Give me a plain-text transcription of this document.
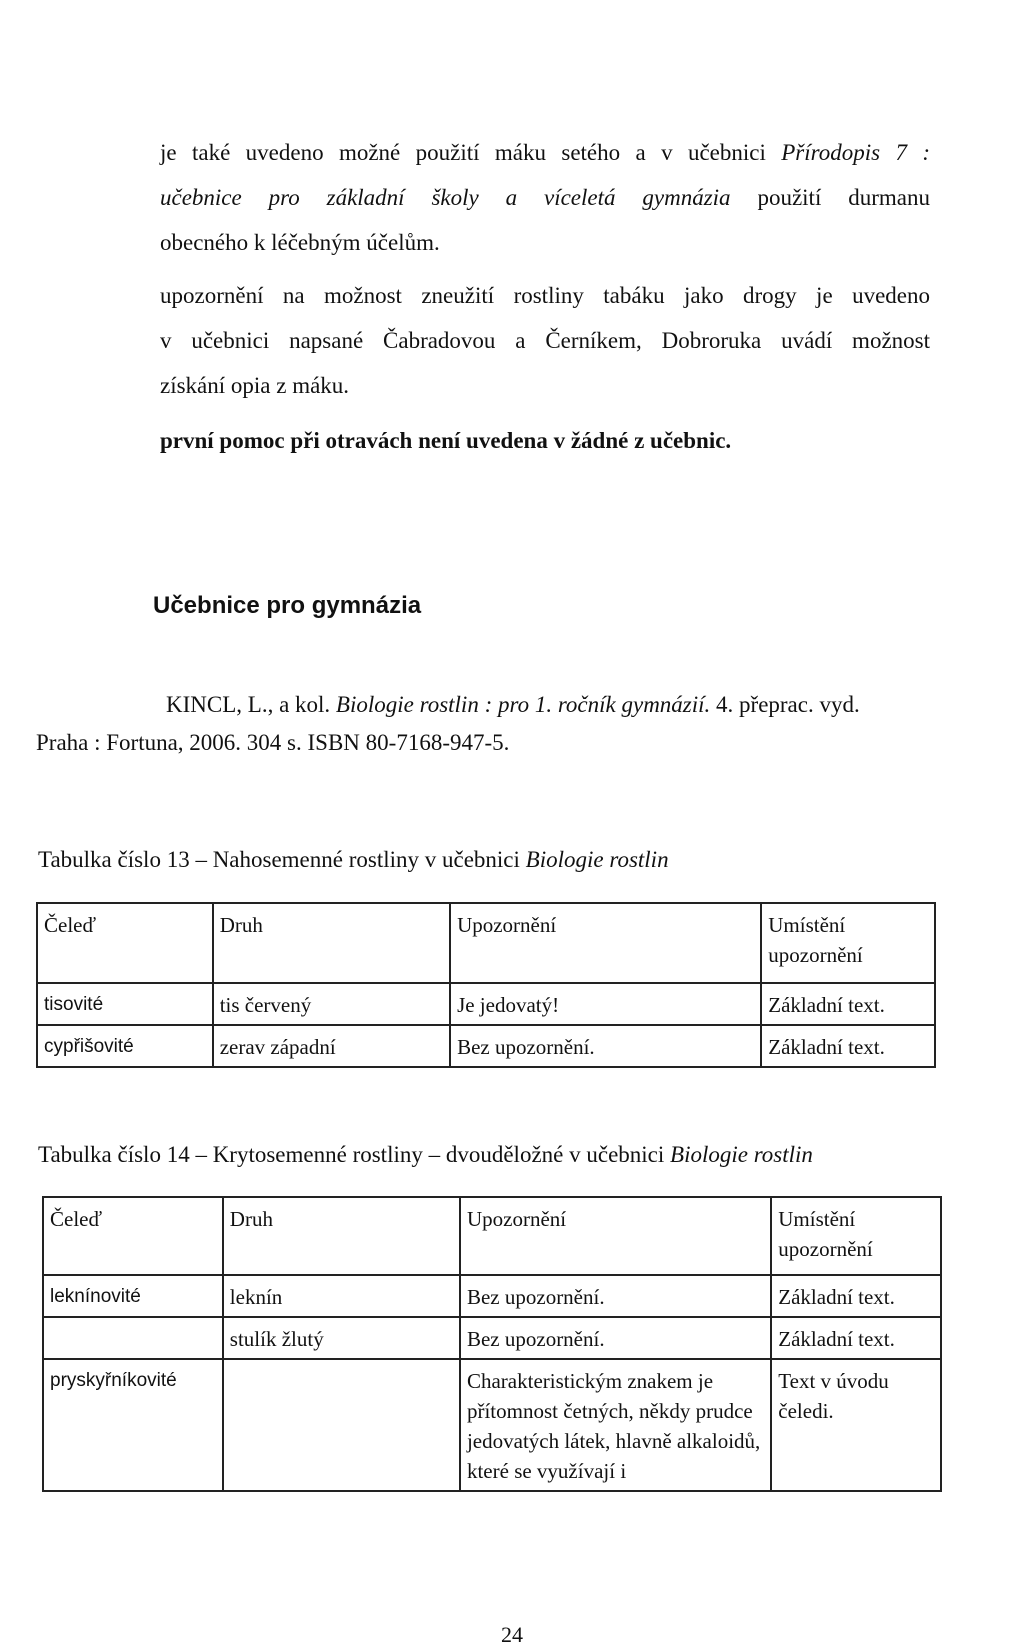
je také uvedeno možné použití máku setého a v učebnici Přírodopis 7 :
učebnice pro základní školy a víceletá gymnázia použití durmanu
obecného k léčebným účelům.
upozornění na možnost zneužití rostliny tabáku jako drogy je uvedeno
v učebnici napsané Čabradovou a Černíkem, Dobroruka uvádí možnost
získání opia z máku.
první pomoc při otravách není uvedena v žádné z učebnic.
Učebnice pro gymnázia
KINCL, L., a kol. Biologie rostlin : pro 1. ročník gymnázií. 4. přeprac. vyd.
Praha : Fortuna, 2006. 304 s. ISBN 80-7168-947-5.
Tabulka číslo 13 – Nahosemenné rostliny v učebnici Biologie rostlin
Čeleď	Druh	Upozornění	Umístění upozornění
tisovité	tis červený	Je jedovatý!	Základní text.
cypřišovité	zerav západní	Bez upozornění.	Základní text.
Tabulka číslo 14 – Krytosemenné rostliny – dvouděložné v učebnici Biologie rostlin
Čeleď	Druh	Upozornění	Umístění upozornění
leknínovité	leknín	Bez upozornění.	Základní text.
	stulík žlutý	Bez upozornění.	Základní text.
pryskyřníkovité		Charakteristickým znakem je přítomnost četných, někdy prudce jedovatých látek, hlavně alkaloidů, které se využívají i	Text v úvodu čeledi.
24
